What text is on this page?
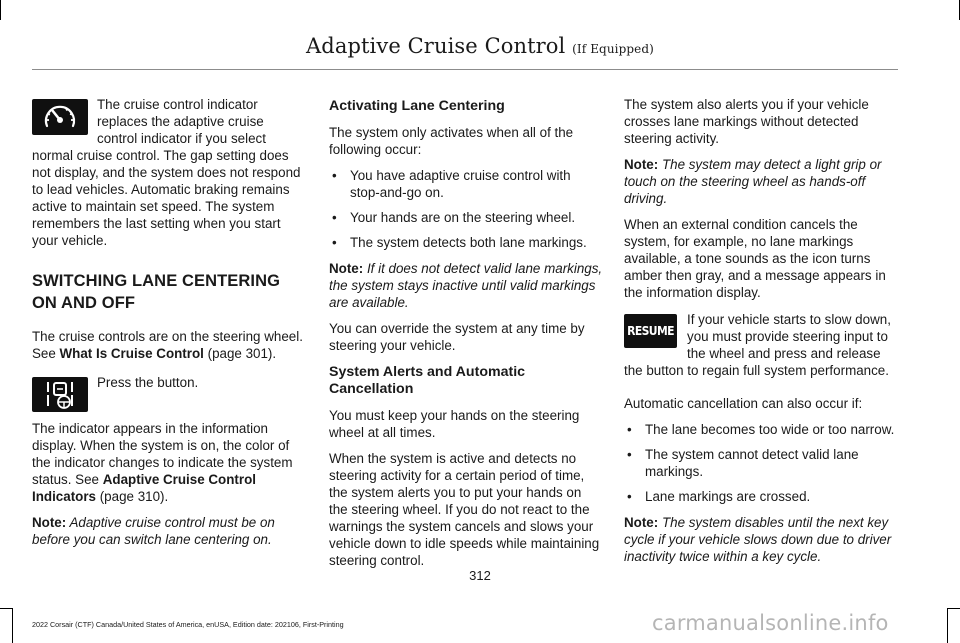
Adaptive Cruise Control (If Equipped)

The cruise control indicator replaces the adaptive cruise control indicator if you select normal cruise control. The gap setting does not display, and the system does not respond to lead vehicles. Automatic braking remains active to maintain set speed. The system remembers the last setting when you start your vehicle.

SWITCHING LANE CENTERING ON AND OFF

The cruise controls are on the steering wheel. See What Is Cruise Control (page 301).

Press the button.

The indicator appears in the information display. When the system is on, the color of the indicator changes to indicate the system status. See Adaptive Cruise Control Indicators (page 310).

Note: Adaptive cruise control must be on before you can switch lane centering on.

Activating Lane Centering

The system only activates when all of the following occur:

• You have adaptive cruise control with stop-and-go on.
• Your hands are on the steering wheel.
• The system detects both lane markings.

Note: If it does not detect valid lane markings, the system stays inactive until valid markings are available.

You can override the system at any time by steering your vehicle.

System Alerts and Automatic Cancellation

You must keep your hands on the steering wheel at all times.

When the system is active and detects no steering activity for a certain period of time, the system alerts you to put your hands on the steering wheel. If you do not react to the warnings the system cancels and slows your vehicle down to idle speeds while maintaining steering control.

The system also alerts you if your vehicle crosses lane markings without detected steering activity.

Note: The system may detect a light grip or touch on the steering wheel as hands-off driving.

When an external condition cancels the system, for example, no lane markings available, a tone sounds as the icon turns amber then gray, and a message appears in the information display.

RESUME
If your vehicle starts to slow down, you must provide steering input to the wheel and press and release the button to regain full system performance.

Automatic cancellation can also occur if:

• The lane becomes too wide or too narrow.
• The system cannot detect valid lane markings.
• Lane markings are crossed.

Note: The system disables until the next key cycle if your vehicle slows down due to driver inactivity twice within a key cycle.

312
2022 Corsair (CTF) Canada/United States of America, enUSA, Edition date: 202106, First-Printing	carmanualsonline.info
